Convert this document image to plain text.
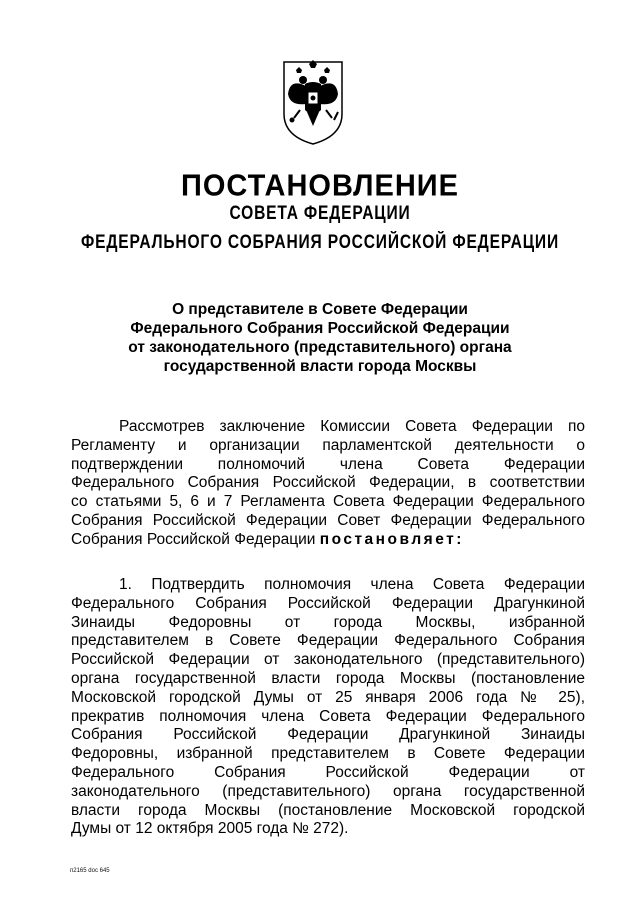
ПОСТАНОВЛЕНИЕ
СОВЕТА ФЕДЕРАЦИИ
ФЕДЕРАЛЬНОГО СОБРАНИЯ РОССИЙСКОЙ ФЕДЕРАЦИИ
О представителе в Совете Федерации
Федерального Собрания Российской Федерации
от законодательного (представительного) органа
государственной власти города Москвы
Рассмотрев заключение Комиссии Совета Федерации по
Регламенту и организации парламентской деятельности о
подтверждении полномочий члена Совета Федерации
Федерального Собрания Российской Федерации, в соответствии
со статьями 5, 6 и 7 Регламента Совета Федерации Федерального
Собрания Российской Федерации Совет Федерации Федерального
Собрания Российской Федерации постановляет:
1. Подтвердить полномочия члена Совета Федерации
Федерального Собрания Российской Федерации Драгункиной
Зинаиды Федоровны от города Москвы, избранной
представителем в Совете Федерации Федерального Собрания
Российской Федерации от законодательного (представительного)
органа государственной власти города Москвы (постановление
Московской городской Думы от 25 января 2006 года № 25),
прекратив полномочия члена Совета Федерации Федерального
Собрания Российской Федерации Драгункиной Зинаиды
Федоровны, избранной представителем в Совете Федерации
Федерального Собрания Российской Федерации от
законодательного (представительного) органа государственной
власти города Москвы (постановление Московской городской
Думы от 12 октября 2005 года № 272).
п2165 doc 645
